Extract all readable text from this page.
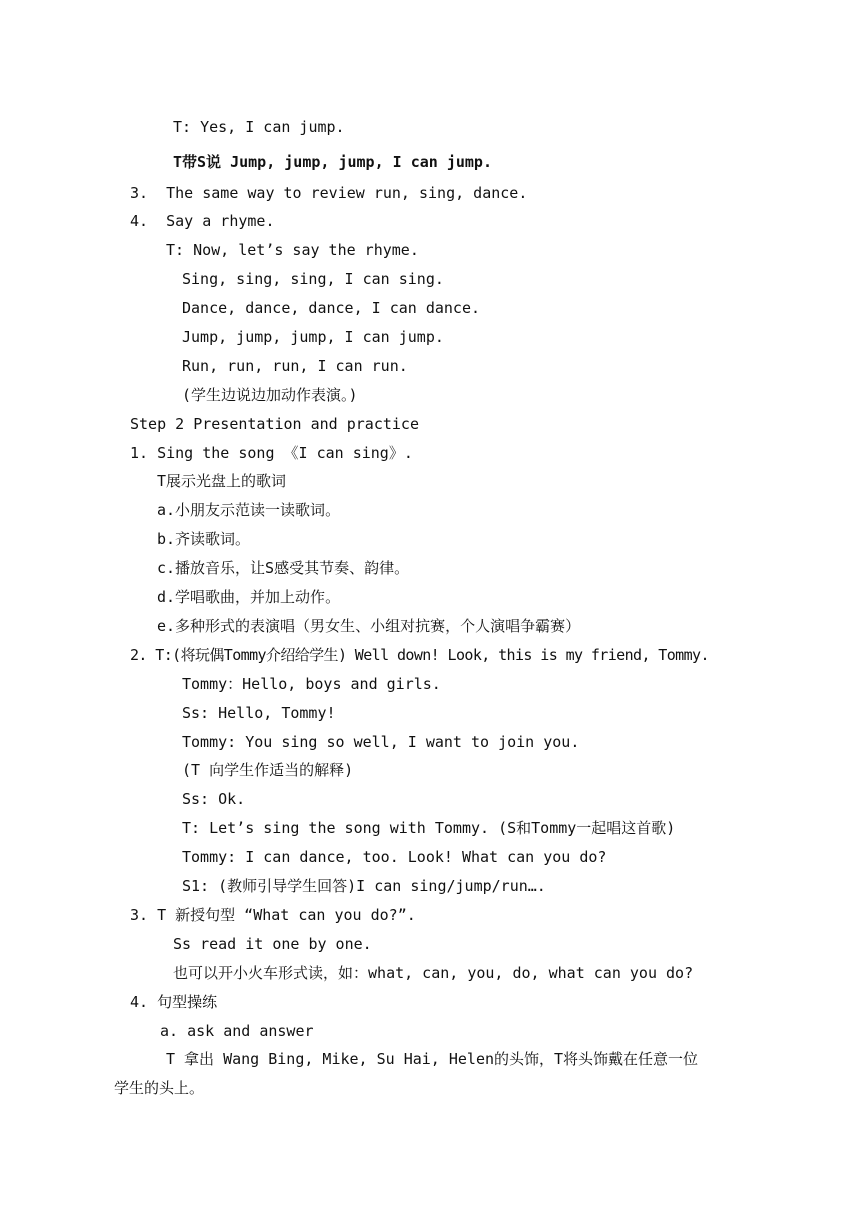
T: Yes, I can jump.
T带S说 Jump, jump, jump, I can jump.
3.  The same way to review run, sing, dance.
4.  Say a rhyme.
T: Now, let’s say the rhyme.
Sing, sing, sing, I can sing.
Dance, dance, dance, I can dance.
Jump, jump, jump, I can jump.
Run, run, run, I can run.
(学生边说边加动作表演。)
Step 2 Presentation and practice
1. Sing the song 《I can sing》.
T展示光盘上的歌词
a.小朋友示范读一读歌词。
b.齐读歌词。
c.播放音乐，让S感受其节奏、韵律。
d.学唱歌曲，并加上动作。
e.多种形式的表演唱（男女生、小组对抗赛，个人演唱争霸赛）
2. T:(将玩偶Tommy介绍给学生) Well down! Look, this is my friend, Tommy.
Tommy：Hello, boys and girls.
Ss: Hello, Tommy!
Tommy: You sing so well, I want to join you.
(T 向学生作适当的解释)
Ss: Ok.
T: Let’s sing the song with Tommy. (S和Tommy一起唱这首歌)
Tommy: I can dance, too. Look! What can you do?
S1: (教师引导学生回答)I can sing/jump/run….
3. T 新授句型 “What can you do?”.
Ss read it one by one.
也可以开小火车形式读，如：what, can, you, do, what can you do?
4. 句型操练
a. ask and answer
T 拿出 Wang Bing, Mike, Su Hai, Helen的头饰，T将头饰戴在任意一位
学生的头上。
